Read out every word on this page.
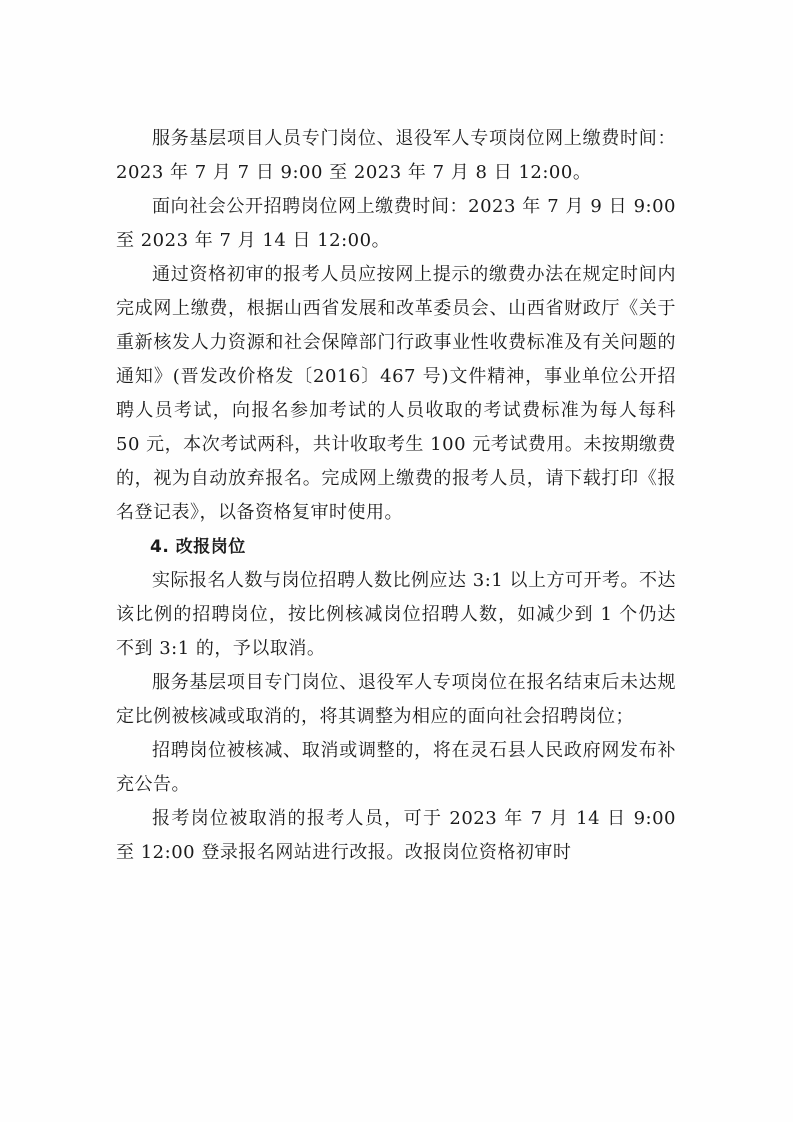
服务基层项目人员专门岗位、退役军人专项岗位网上缴费时间：2023 年 7 月 7 日 9:00 至 2023 年 7 月 8 日 12:00。

面向社会公开招聘岗位网上缴费时间：2023 年 7 月 9 日 9:00 至 2023 年 7 月 14 日 12:00。

通过资格初审的报考人员应按网上提示的缴费办法在规定时间内完成网上缴费，根据山西省发展和改革委员会、山西省财政厅《关于重新核发人力资源和社会保障部门行政事业性收费标准及有关问题的通知》(晋发改价格发〔2016〕467 号)文件精神，事业单位公开招聘人员考试，向报名参加考试的人员收取的考试费标准为每人每科 50 元，本次考试两科，共计收取考生 100 元考试费用。未按期缴费的，视为自动放弃报名。完成网上缴费的报考人员，请下载打印《报名登记表》，以备资格复审时使用。

4. 改报岗位

实际报名人数与岗位招聘人数比例应达 3:1 以上方可开考。不达该比例的招聘岗位，按比例核减岗位招聘人数，如减少到 1 个仍达不到 3:1 的，予以取消。

服务基层项目专门岗位、退役军人专项岗位在报名结束后未达规定比例被核减或取消的，将其调整为相应的面向社会招聘岗位；

招聘岗位被核减、取消或调整的，将在灵石县人民政府网发布补充公告。

报考岗位被取消的报考人员，可于 2023 年 7 月 14 日 9:00 至 12:00 登录报名网站进行改报。改报岗位资格初审时
